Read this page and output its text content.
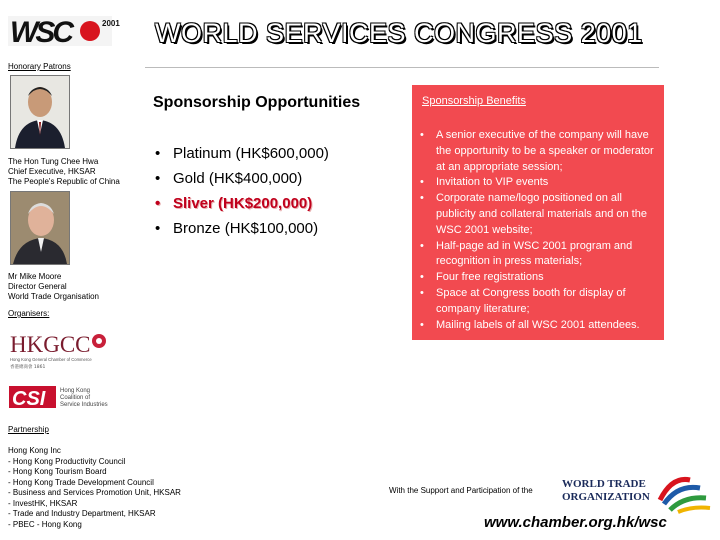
WSC	2001 WORLD SERVICES CONGRESS 2001
Honorary Patrons
The Hon Tung Chee Hwa
Chief Executive, HKSAR
The People's Republic of China
Mr Mike Moore
Director General
World Trade Organisation
Organisers:
HKGCC
Hong Kong General Chamber of Commerce
香港總商會 1861
CSI Hong Kong
Coalition of
Service Industries
Partnership
Hong Kong Inc
- Hong Kong Productivity Council
- Hong Kong Tourism Board
- Hong Kong Trade Development Council
- Business and Services Promotion Unit, HKSAR
- InvestHK, HKSAR
- Trade and Industry Department, HKSAR
- PBEC - Hong Kong
Sponsorship Opportunities
• Platinum (HK$600,000)
• Gold (HK$400,000)
• Sliver (HK$200,000)
• Bronze (HK$100,000)
Sponsorship Benefits
•	A senior executive of the company will have the opportunity to be a speaker or moderator at an appropriate session;
•	Invitation to VIP events
•	Corporate name/logo positioned on all publicity and collateral materials and on the WSC 2001 website;
•	Half-page ad in WSC 2001 program and recognition in press materials;
•	Four free registrations
•	Space at Congress booth for display of company literature;
•	Mailing labels of all WSC 2001 attendees.
With the Support and Participation of the
WORLD TRADE
ORGANIZATION
www.chamber.org.hk/wsc
